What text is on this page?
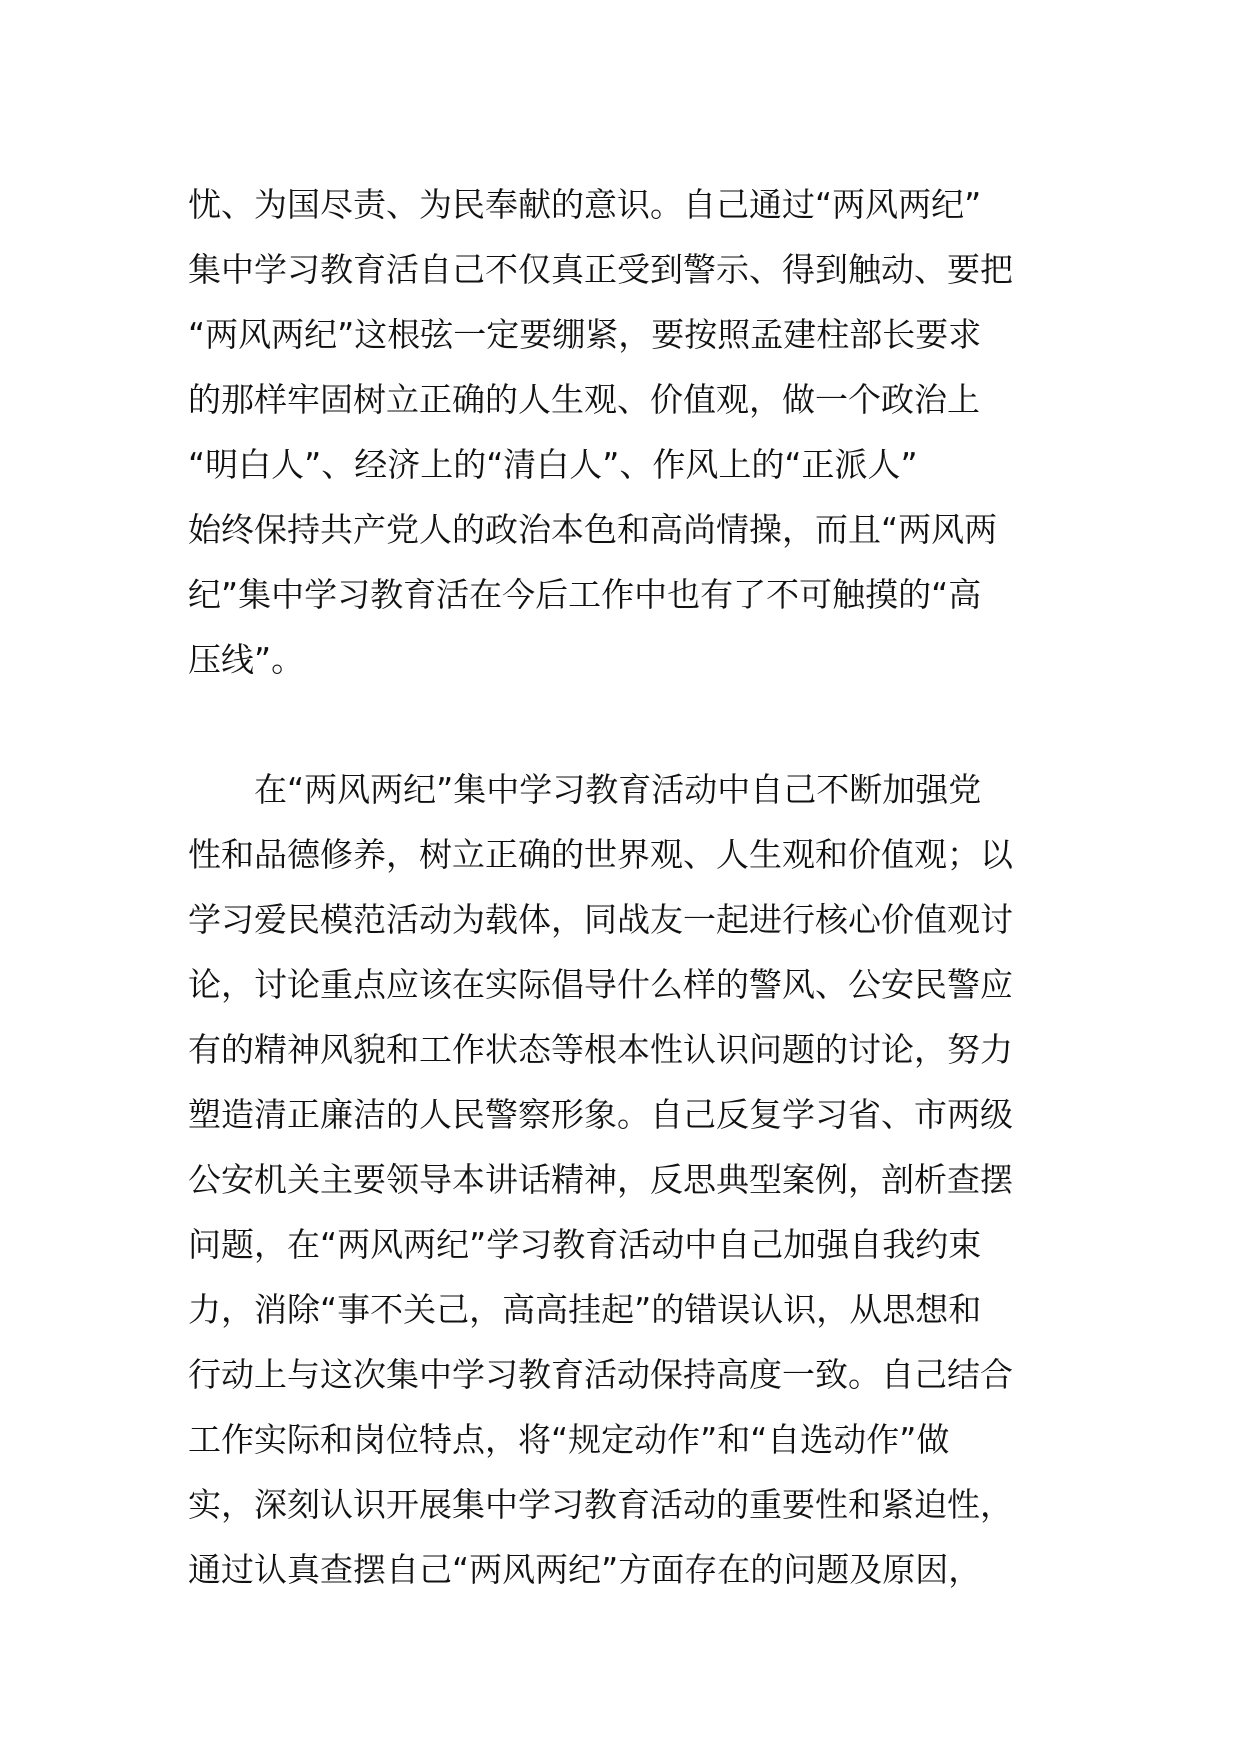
忧、为国尽责、为民奉献的意识。自己通过“两风两纪”
集中学习教育活自己不仅真正受到警示、得到触动、要把
“两风两纪”这根弦一定要绷紧，要按照孟建柱部长要求
的那样牢固树立正确的人生观、价值观，做一个政治上
“明白人”、经济上的“清白人”、作风上的“正派人”
始终保持共产党人的政治本色和高尚情操，而且“两风两
纪”集中学习教育活在今后工作中也有了不可触摸的“高
压线”。
　　在“两风两纪”集中学习教育活动中自己不断加强党
性和品德修养，树立正确的世界观、人生观和价值观；以
学习爱民模范活动为载体，同战友一起进行核心价值观讨
论，讨论重点应该在实际倡导什么样的警风、公安民警应
有的精神风貌和工作状态等根本性认识问题的讨论，努力
塑造清正廉洁的人民警察形象。自己反复学习省、市两级
公安机关主要领导本讲话精神，反思典型案例，剖析查摆
问题，在“两风两纪”学习教育活动中自己加强自我约束
力，消除“事不关己，高高挂起”的错误认识，从思想和
行动上与这次集中学习教育活动保持高度一致。自己结合
工作实际和岗位特点，将“规定动作”和“自选动作”做
实，深刻认识开展集中学习教育活动的重要性和紧迫性，
通过认真查摆自己“两风两纪”方面存在的问题及原因，
